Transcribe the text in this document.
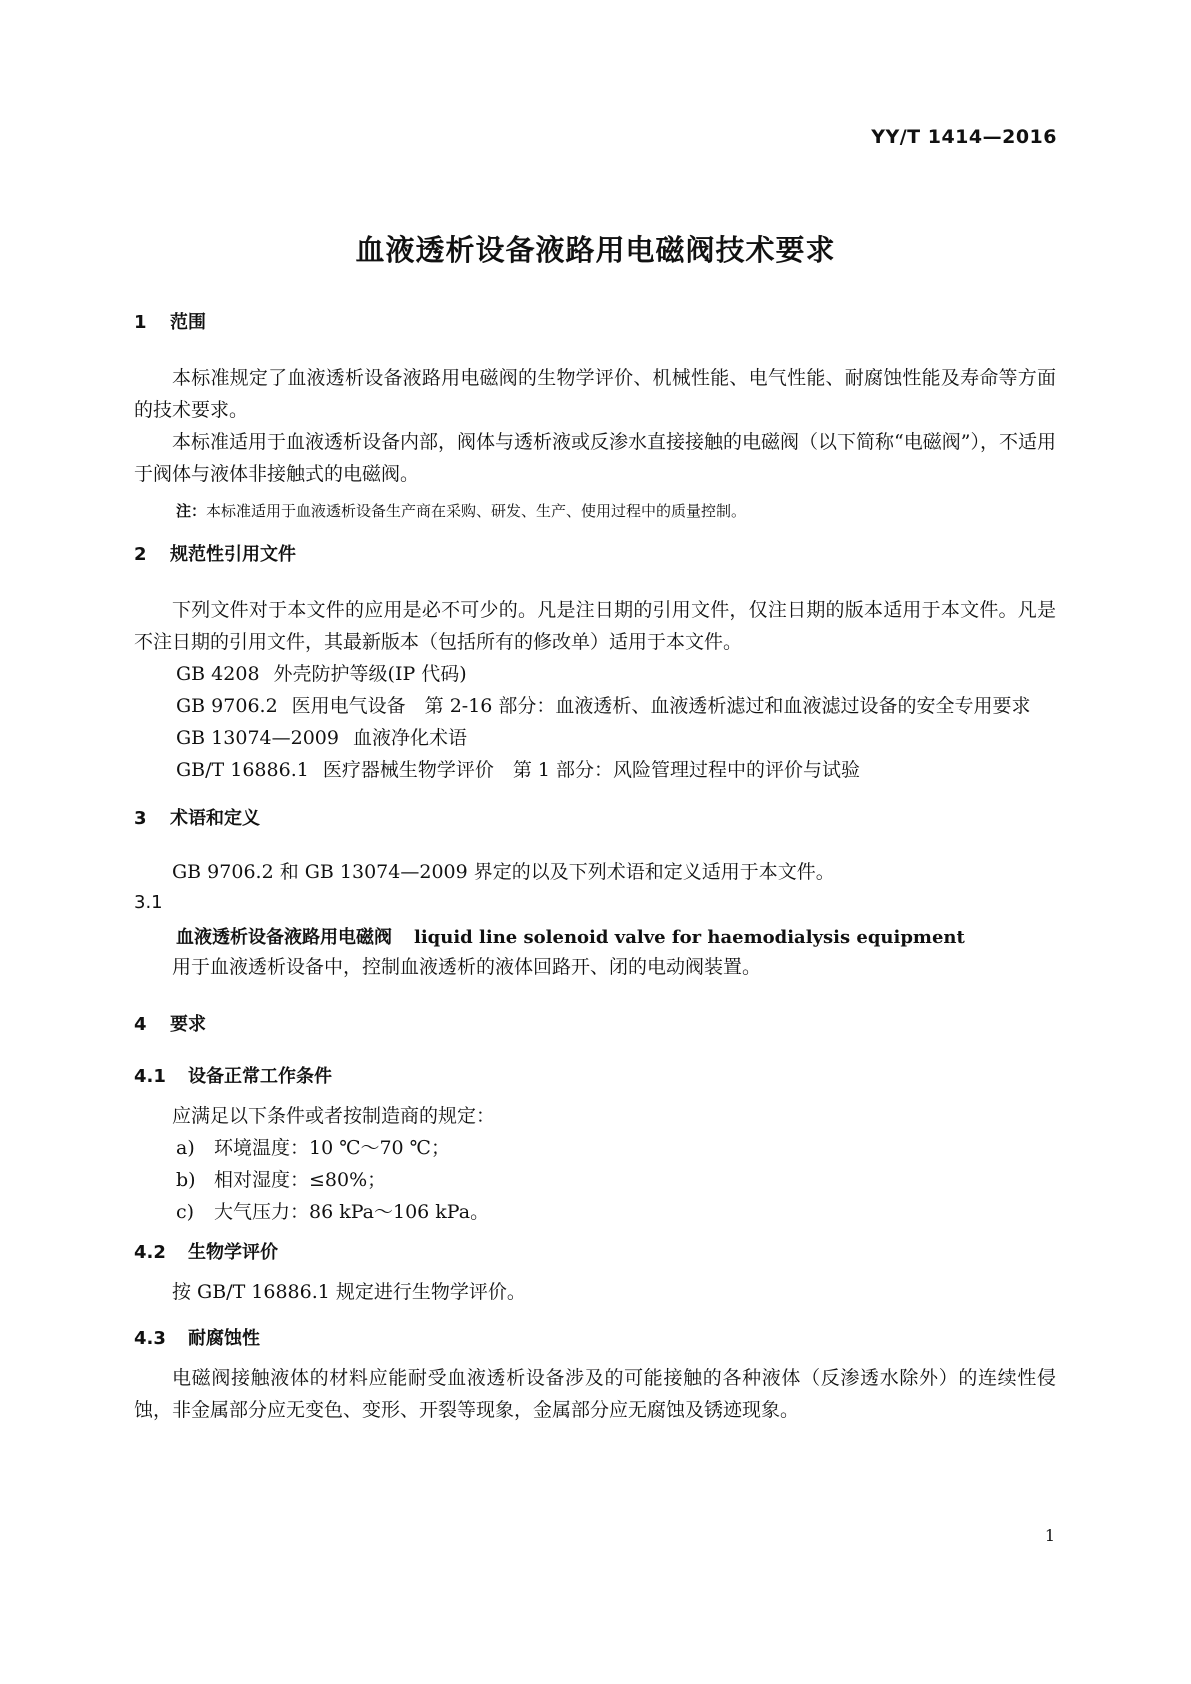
YY/T 1414—2016
血液透析设备液路用电磁阀技术要求

1 范围

本标准规定了血液透析设备液路用电磁阀的生物学评价、机械性能、电气性能、耐腐蚀性能及寿命等方面的技术要求。

本标准适用于血液透析设备内部，阀体与透析液或反渗水直接接触的电磁阀（以下简称“电磁阀”），不适用于阀体与液体非接触式的电磁阀。

注：本标准适用于血液透析设备生产商在采购、研发、生产、使用过程中的质量控制。

2 规范性引用文件

下列文件对于本文件的应用是必不可少的。凡是注日期的引用文件，仅注日期的版本适用于本文件。凡是不注日期的引用文件，其最新版本（包括所有的修改单）适用于本文件。

GB 4208 外壳防护等级(IP 代码)

GB 9706.2 医用电气设备　第 2-16 部分：血液透析、血液透析滤过和血液滤过设备的安全专用要求

GB 13074—2009 血液净化术语

GB/T 16886.1 医疗器械生物学评价　第 1 部分：风险管理过程中的评价与试验

3 术语和定义

GB 9706.2 和 GB 13074—2009 界定的以及下列术语和定义适用于本文件。

3.1

血液透析设备液路用电磁阀 liquid line solenoid valve for haemodialysis equipment

用于血液透析设备中，控制血液透析的液体回路开、闭的电动阀装置。

4 要求

4.1 设备正常工作条件

应满足以下条件或者按制造商的规定：

a) 环境温度：10 ℃～70 ℃；

b) 相对湿度：≤80%；

c) 大气压力：86 kPa～106 kPa。

4.2 生物学评价

按 GB/T 16886.1 规定进行生物学评价。

4.3 耐腐蚀性

电磁阀接触液体的材料应能耐受血液透析设备涉及的可能接触的各种液体（反渗透水除外）的连续性侵蚀，非金属部分应无变色、变形、开裂等现象，金属部分应无腐蚀及锈迹现象。

1
